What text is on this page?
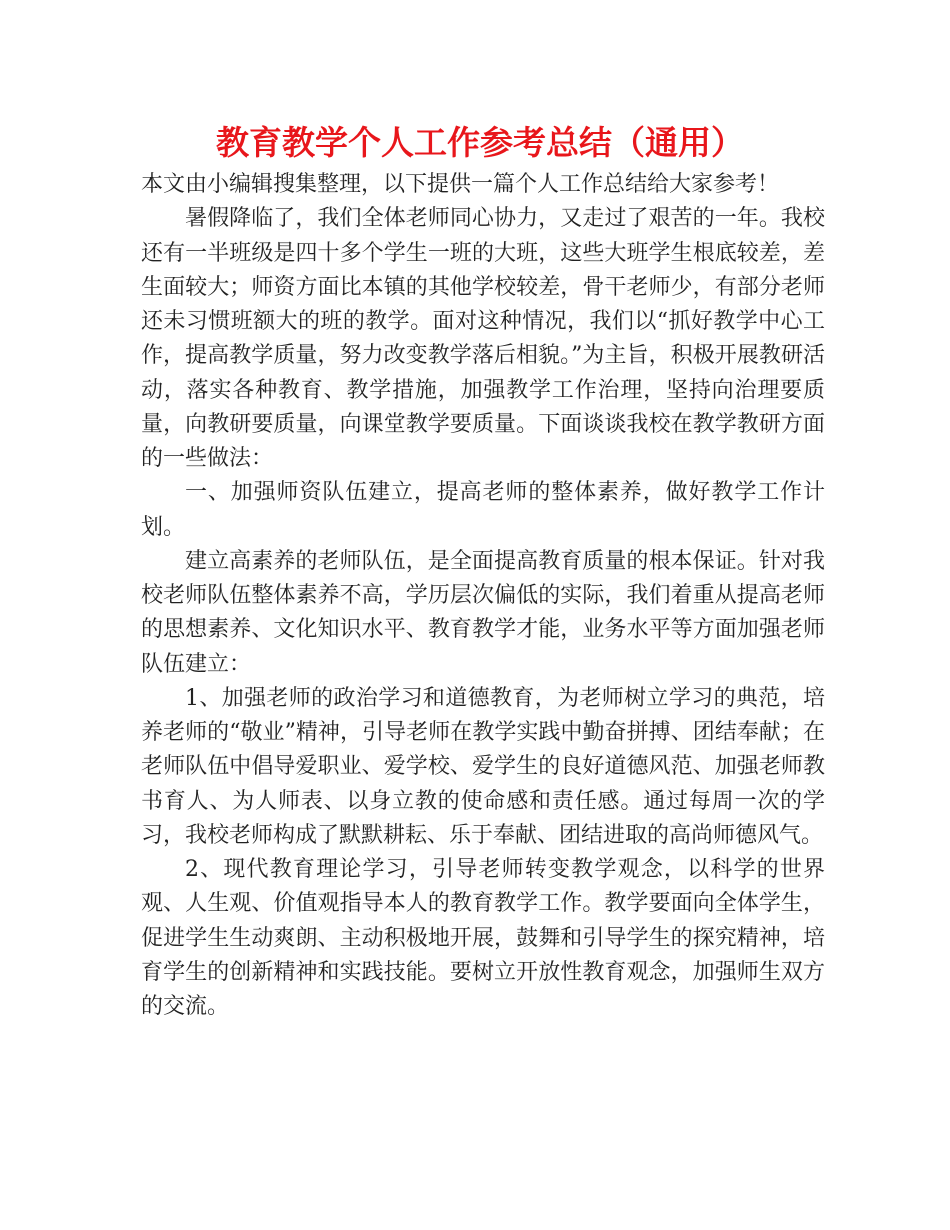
教育教学个人工作参考总结（通用）

本文由小编辑搜集整理，以下提供一篇个人工作总结给大家参考！

暑假降临了，我们全体老师同心协力，又走过了艰苦的一年。我校还有一半班级是四十多个学生一班的大班，这些大班学生根底较差，差生面较大；师资方面比本镇的其他学校较差，骨干老师少，有部分老师还未习惯班额大的班的教学。面对这种情况，我们以“抓好教学中心工作，提高教学质量，努力改变教学落后相貌。”为主旨，积极开展教研活动，落实各种教育、教学措施，加强教学工作治理，坚持向治理要质量，向教研要质量，向课堂教学要质量。下面谈谈我校在教学教研方面的一些做法：

一、加强师资队伍建立，提高老师的整体素养，做好教学工作计划。

建立高素养的老师队伍，是全面提高教育质量的根本保证。针对我校老师队伍整体素养不高，学历层次偏低的实际，我们着重从提高老师的思想素养、文化知识水平、教育教学才能，业务水平等方面加强老师队伍建立：

1、加强老师的政治学习和道德教育，为老师树立学习的典范，培养老师的“敬业”精神，引导老师在教学实践中勤奋拼搏、团结奉献；在老师队伍中倡导爱职业、爱学校、爱学生的良好道德风范、加强老师教书育人、为人师表、以身立教的使命感和责任感。通过每周一次的学习，我校老师构成了默默耕耘、乐于奉献、团结进取的高尚师德风气。

2、现代教育理论学习，引导老师转变教学观念，以科学的世界观、人生观、价值观指导本人的教育教学工作。教学要面向全体学生，促进学生生动爽朗、主动积极地开展，鼓舞和引导学生的探究精神，培育学生的创新精神和实践技能。要树立开放性教育观念，加强师生双方的交流。
